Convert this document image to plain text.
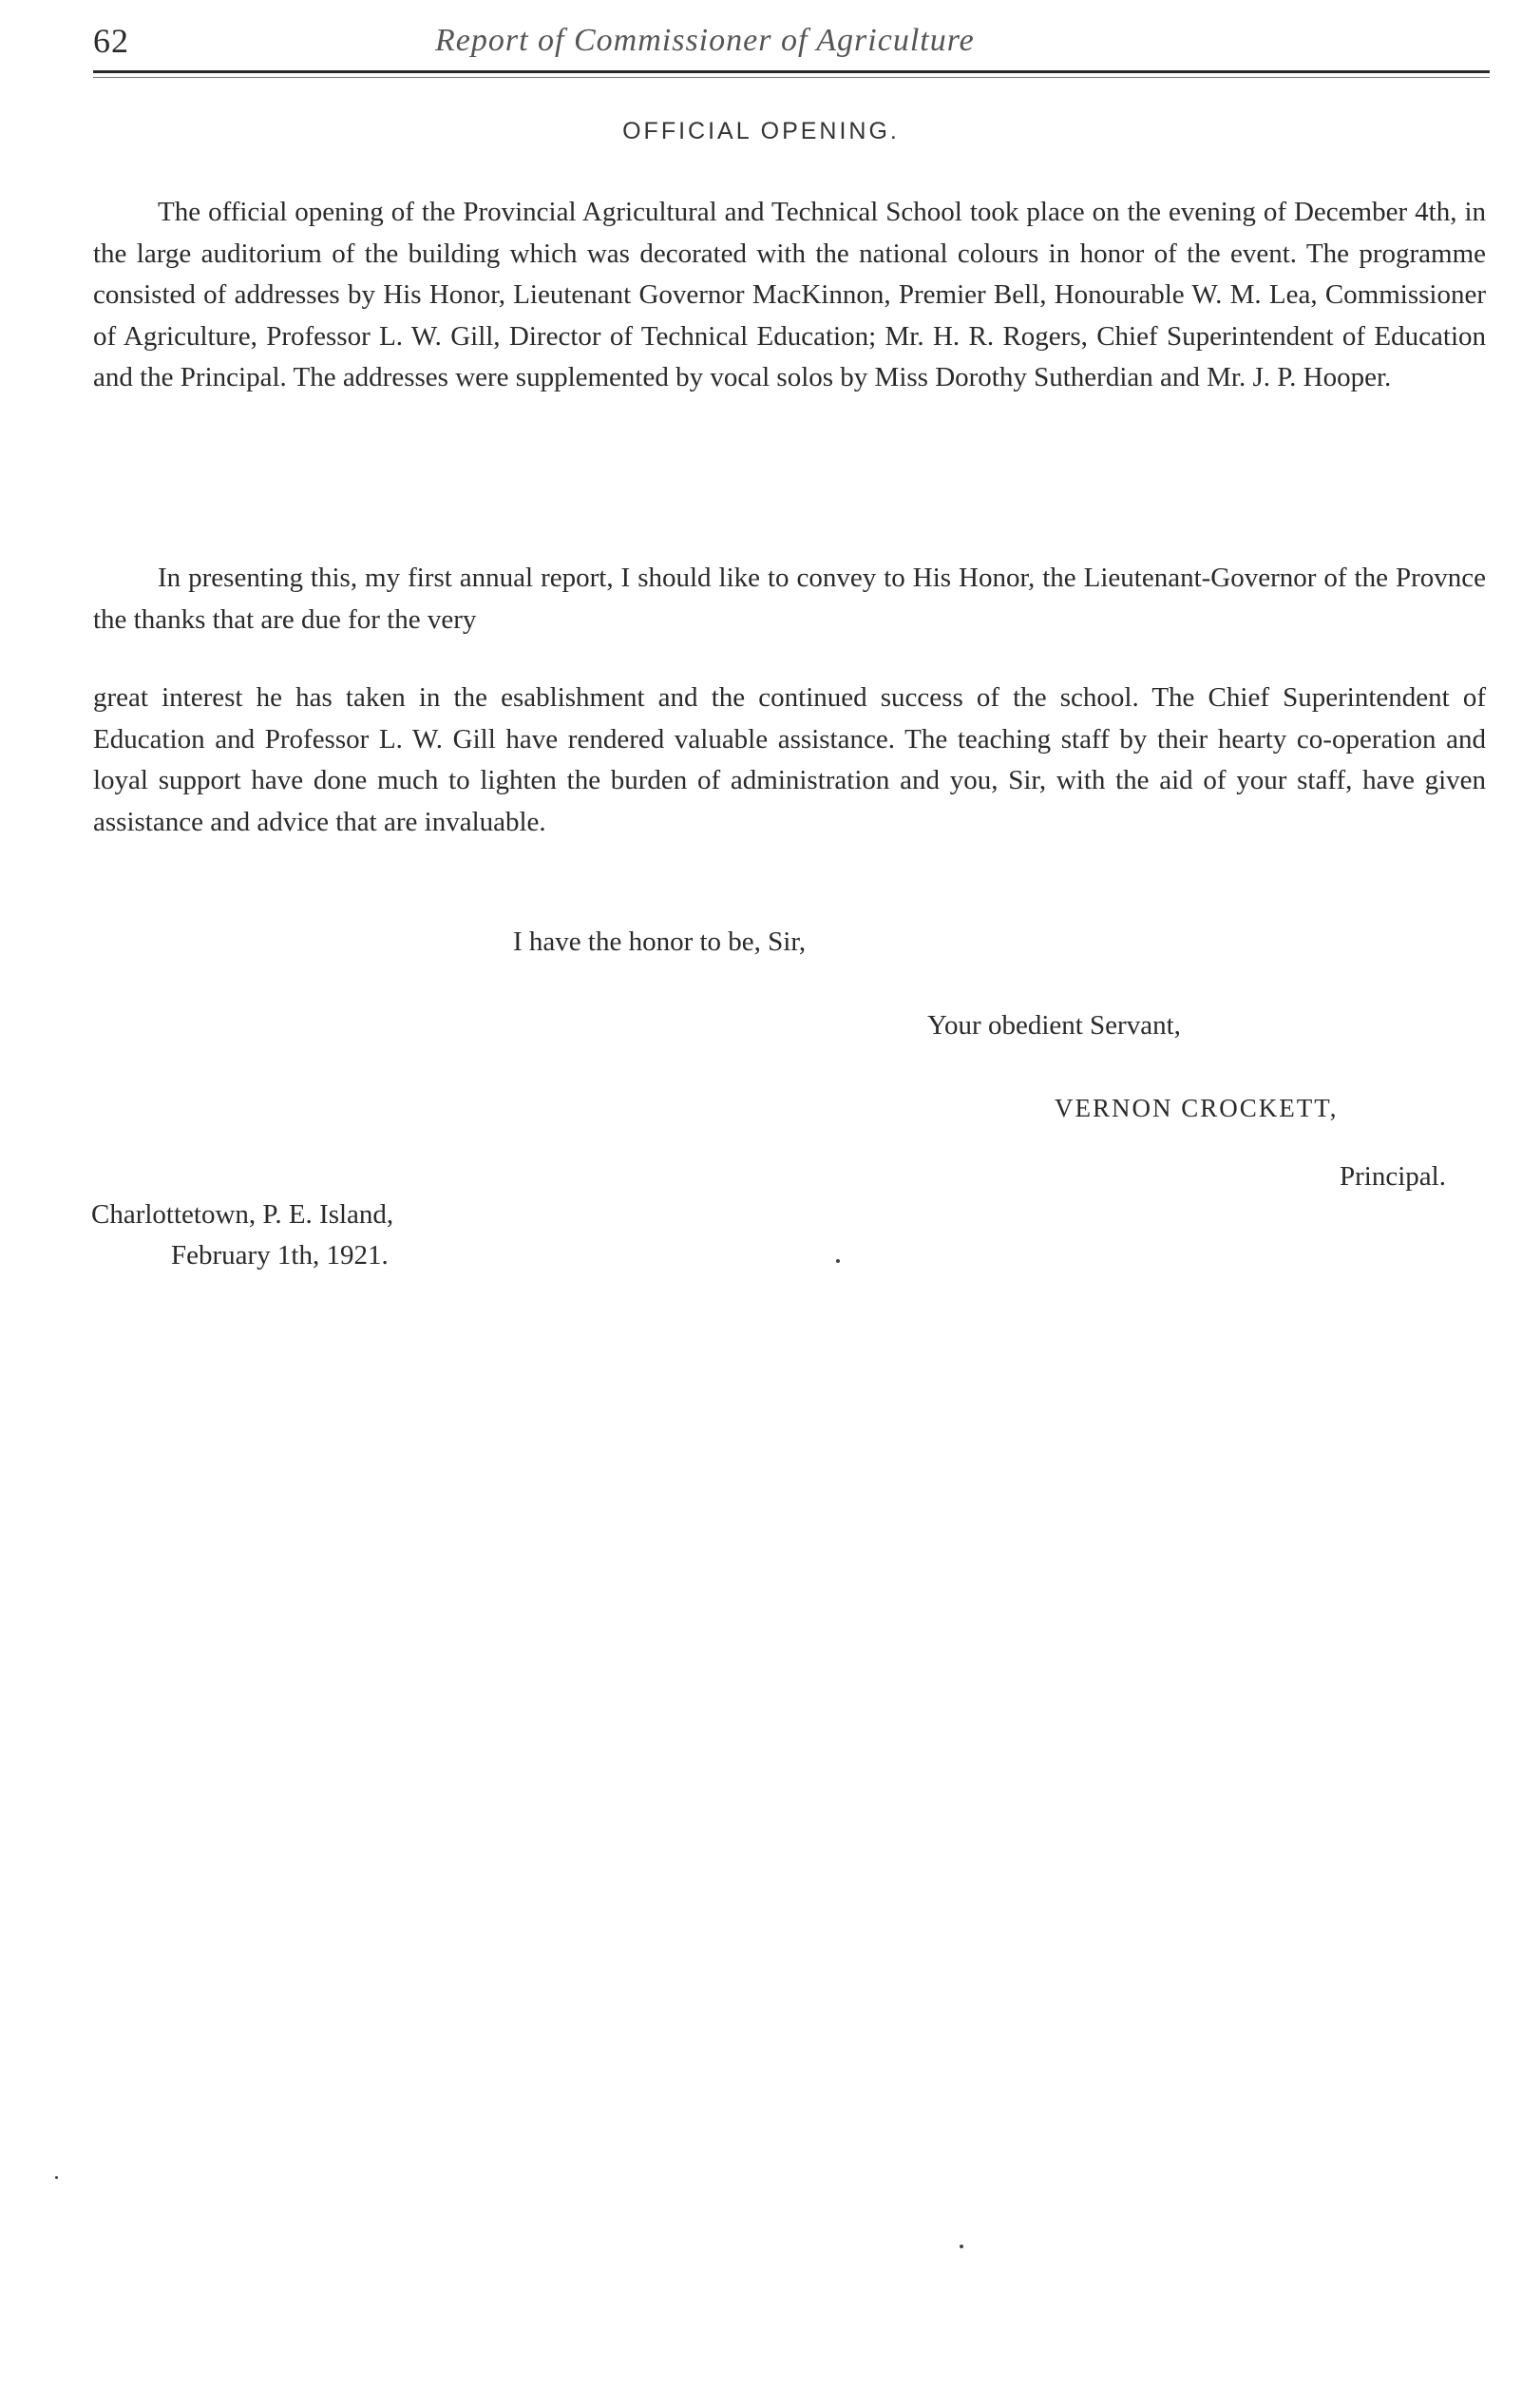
62	Report of Commissioner of Agriculture
OFFICIAL OPENING.

The official opening of the Provincial Agricultural and Technical School took place on the evening of December 4th, in the large auditorium of the building which was decorated with the national colours in honor of the event. The programme consisted of addresses by His Honor, Lieutenant Governor MacKinnon, Premier Bell, Honourable W. M. Lea, Commissioner of Agriculture, Professor L. W. Gill, Director of Technical Education; Mr. H. R. Rogers, Chief Superintendent of Education and the Principal. The addresses were supplemented by vocal solos by Miss Dorothy Sutherdian and Mr. J. P. Hooper.

In presenting this, my first annual report, I should like to convey to His Honor, the Lieutenant-Governor of the Provnce the thanks that are due for the very

great interest he has taken in the esablishment and the continued success of the school. The Chief Superintendent of Education and Professor L. W. Gill have rendered valuable assistance. The teaching staff by their hearty co-operation and loyal support have done much to lighten the burden of administration and you, Sir, with the aid of your staff, have given assistance and advice that are invaluable.

I have the honor to be, Sir,
Your obedient Servant,
VERNON CROCKETT,
Principal.
Charlottetown, P. E. Island,
February 1th, 1921.
